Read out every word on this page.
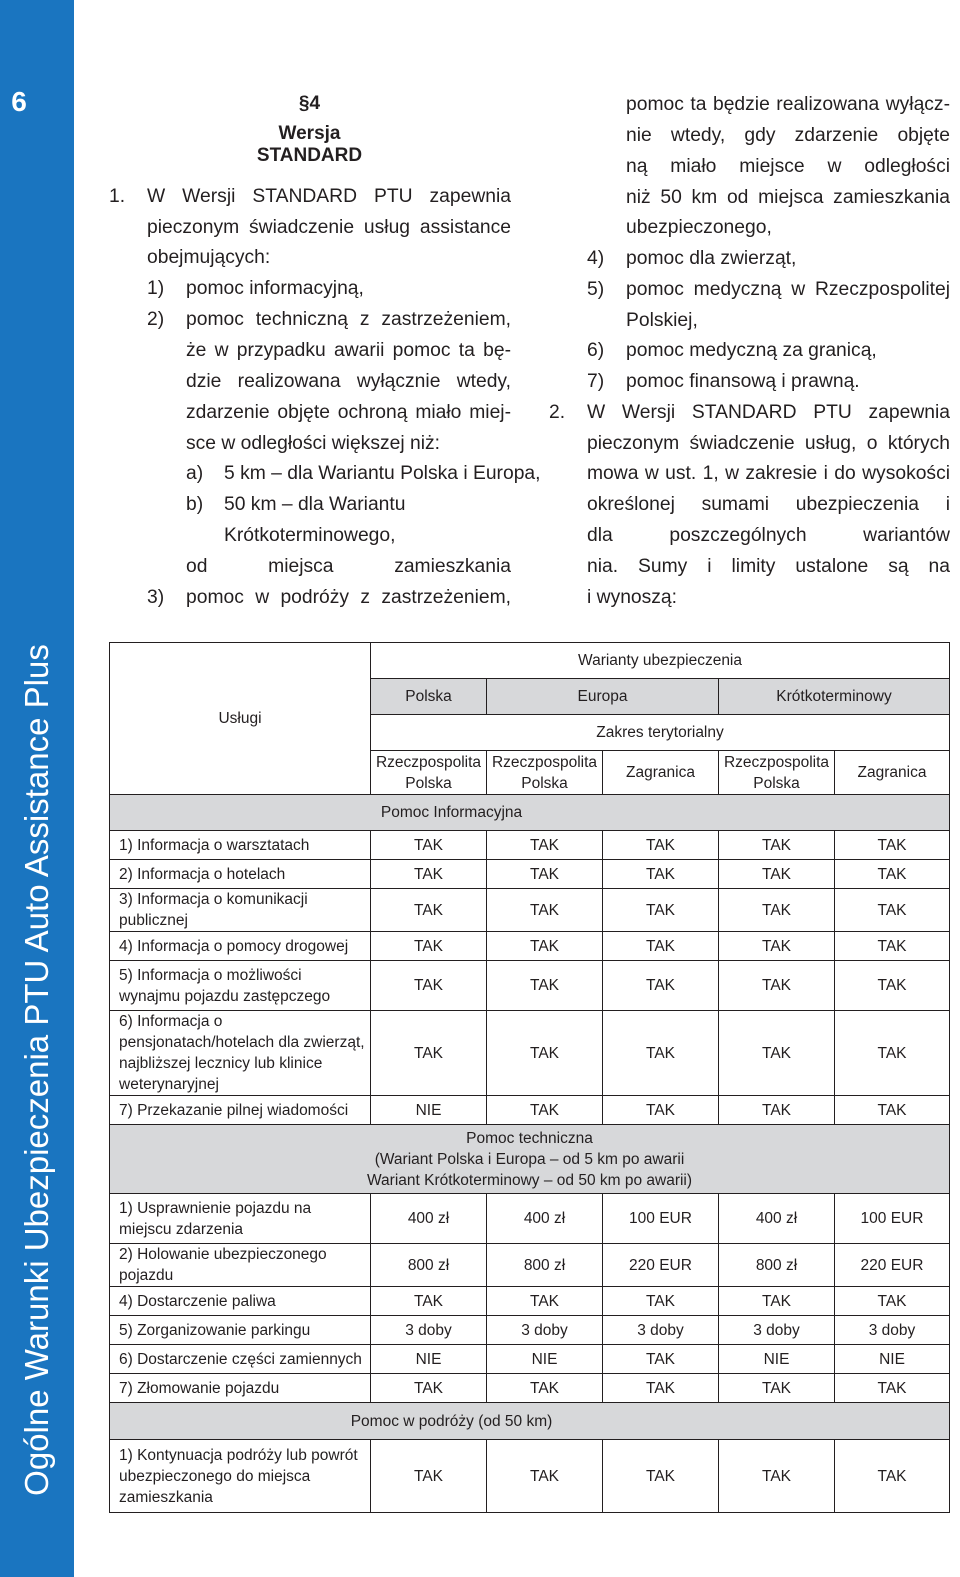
6
Ogólne Warunki Ubezpieczenia PTU Auto Assistance Plus
§4
Wersja STANDARD
1. W Wersji STANDARD PTU zapewnia
pieczonym świadczenie usług assistance
obejmujących:
1) pomoc informacyjną,
2) pomoc techniczną z zastrzeżeniem,
że w przypadku awarii pomoc ta bę-
dzie realizowana wyłącznie wtedy,
zdarzenie objęte ochroną miało miej-
sce w odległości większej niż:
a) 5 km – dla Wariantu Polska i Europa,
b) 50 km – dla Wariantu
Krótkoterminowego,
od miejsca zamieszkania
3) pomoc w podróży z zastrzeżeniem,
pomoc ta będzie realizowana wyłącz-
nie wtedy, gdy zdarzenie objęte
ną miało miejsce w odległości
niż 50 km od miejsca zamieszkania
ubezpieczonego,
4) pomoc dla zwierząt,
5) pomoc medyczną w Rzeczpospolitej
Polskiej,
6) pomoc medyczną za granicą,
7) pomoc finansową i prawną.
2. W Wersji STANDARD PTU zapewnia
pieczonym świadczenie usług, o których
mowa w ust. 1, w zakresie i do wysokości
określonej sumami ubezpieczenia i
dla poszczególnych wariantów
nia. Sumy i limity ustalone są na
i wynoszą:
Usługi	Warianty ubezpieczenia				
	Polska	Europa		Krótkoterminowy	
	Zakres terytorialny				
	Rzeczpospolita Polska	Rzeczpospolita Polska	Zagranica	Rzeczpospolita Polska	Zagranica
Pomoc Informacyjna					
1) Informacja o warsztatach	TAK	TAK	TAK	TAK	TAK
2) Informacja o hotelach	TAK	TAK	TAK	TAK	TAK
3) Informacja o komunikacji publicznej	TAK	TAK	TAK	TAK	TAK
4) Informacja o pomocy drogowej	TAK	TAK	TAK	TAK	TAK
5) Informacja o możliwości wynajmu pojazdu zastępczego	TAK	TAK	TAK	TAK	TAK
6) Informacja o pensjonatach/hotelach dla zwierząt, najbliższej lecznicy lub klinice weterynaryjnej	TAK	TAK	TAK	TAK	TAK
7) Przekazanie pilnej wiadomości	NIE	TAK	TAK	TAK	TAK

Pomoc techniczna
(Wariant Polska i Europa – od 5 km po awarii
Wariant Krótkoterminowy – od 50 km po awarii)					

1) Usprawnienie pojazdu na miejscu zdarzenia	400 zł	400 zł	100 EUR	400 zł	100 EUR
2) Holowanie ubezpieczonego pojazdu	800 zł	800 zł	220 EUR	800 zł	220 EUR
4) Dostarczenie paliwa	TAK	TAK	TAK	TAK	TAK
5) Zorganizowanie parkingu	3 doby	3 doby	3 doby	3 doby	3 doby
6) Dostarczenie części zamiennych	NIE	NIE	TAK	NIE	NIE
7) Złomowanie pojazdu	TAK	TAK	TAK	TAK	TAK
Pomoc w podróży (od 50 km)					
1) Kontynuacja podróży lub powrót ubezpieczonego do miejsca zamieszkania	TAK	TAK	TAK	TAK	TAK
